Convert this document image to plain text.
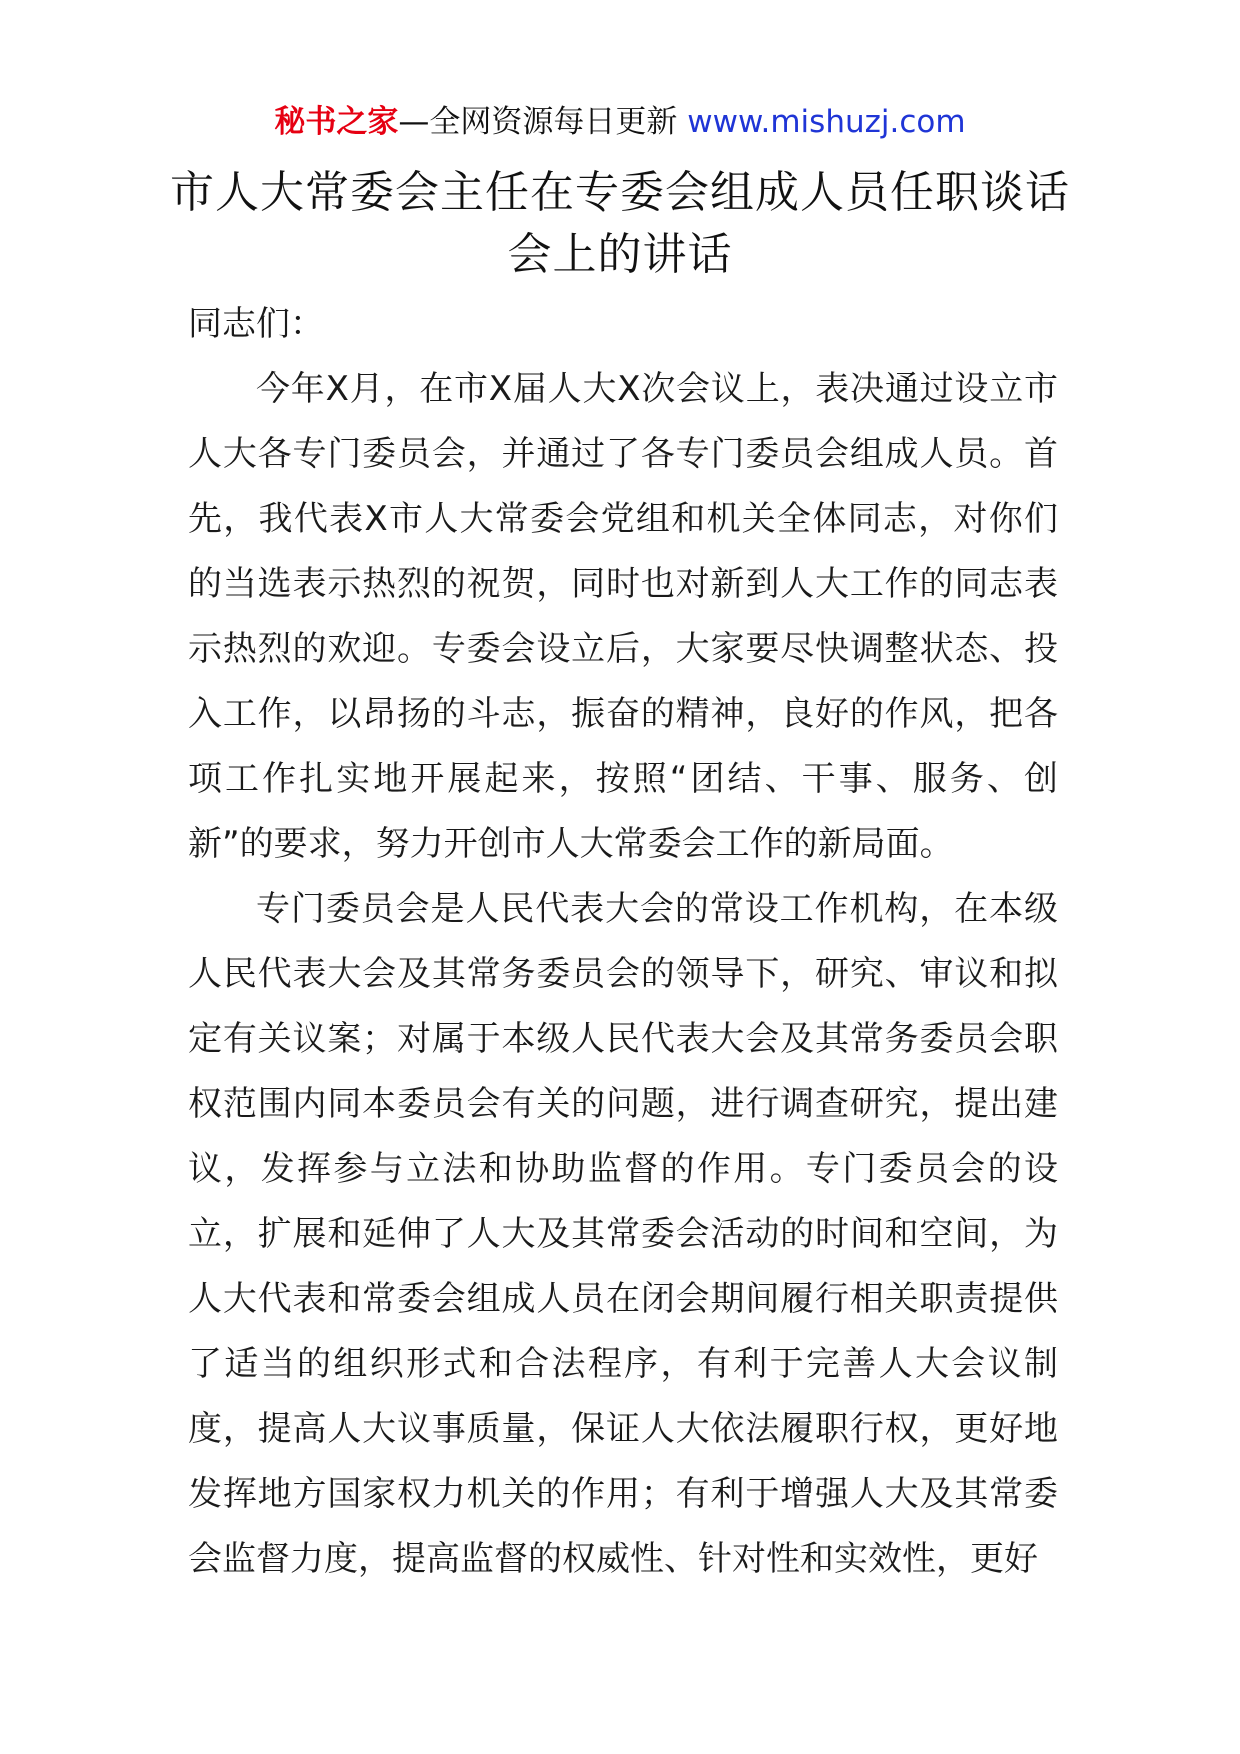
秘书之家—全网资源每日更新 www.mishuzj.com
市人大常委会主任在专委会组成人员任职谈话会上的讲话

同志们：

今年X月，在市X届人大X次会议上，表决通过设立市人大各专门委员会，并通过了各专门委员会组成人员。首先，我代表X市人大常委会党组和机关全体同志，对你们的当选表示热烈的祝贺，同时也对新到人大工作的同志表示热烈的欢迎。专委会设立后，大家要尽快调整状态、投入工作，以昂扬的斗志，振奋的精神，良好的作风，把各项工作扎实地开展起来，按照“团结、干事、服务、创新”的要求，努力开创市人大常委会工作的新局面。

专门委员会是人民代表大会的常设工作机构，在本级人民代表大会及其常务委员会的领导下，研究、审议和拟定有关议案；对属于本级人民代表大会及其常务委员会职权范围内同本委员会有关的问题，进行调查研究，提出建议，发挥参与立法和协助监督的作用。专门委员会的设立，扩展和延伸了人大及其常委会活动的时间和空间，为人大代表和常委会组成人员在闭会期间履行相关职责提供了适当的组织形式和合法程序，有利于完善人大会议制度，提高人大议事质量，保证人大依法履职行权，更好地发挥地方国家权力机关的作用；有利于增强人大及其常委会监督力度，提高监督的权威性、针对性和实效性，更好
